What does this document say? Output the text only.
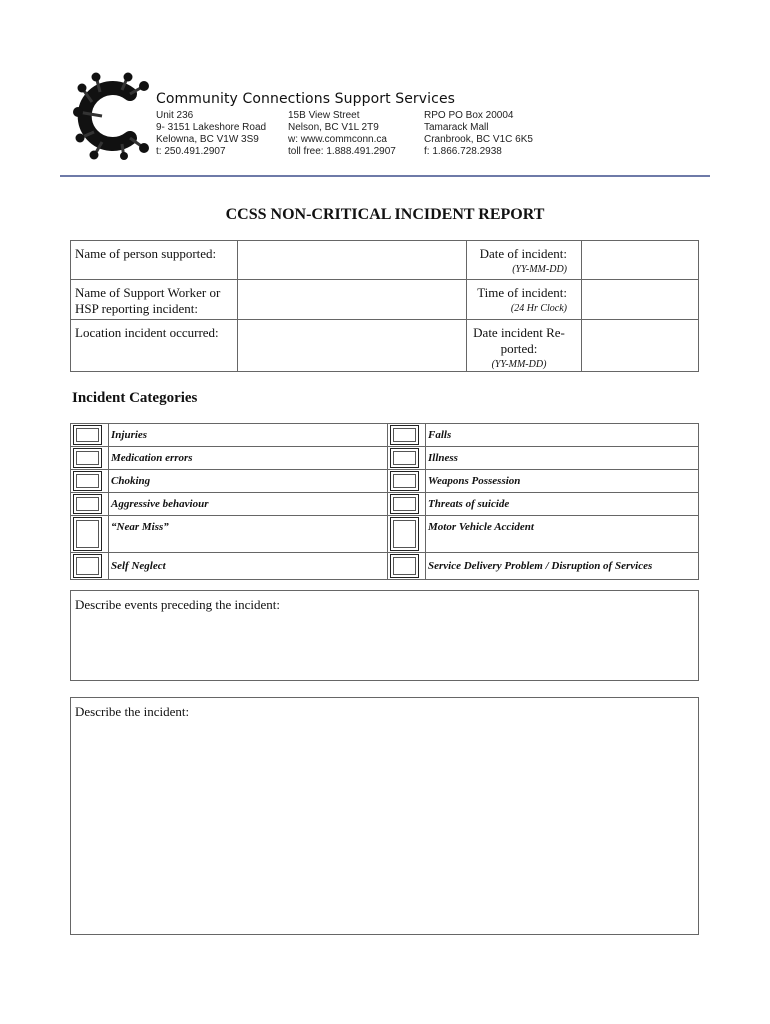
Community Connections Support Services
Unit 236
9- 3151 Lakeshore Road
Kelowna, BC V1W 3S9
t: 250.491.2907
15B View Street
Nelson, BC V1L 2T9
w: www.commconn.ca
toll free: 1.888.491.2907
RPO PO Box 20004
Tamarack Mall
Cranbrook, BC V1C 6K5
f: 1.866.728.2938
CCSS NON-CRITICAL INCIDENT REPORT
Name of person supported:		Date of incident:
(YY-MM-DD)	

Name of Support Worker or
HSP reporting incident:		Time of incident:
(24 Hr Clock)	

Location incident occurred:		Date incident Re-
ported:
(YY-MM-DD)	

Incident Categories

	Injuries		Falls

	Medication errors		Illness

	Choking		Weapons Possession

	Aggressive behaviour		Threats of suicide

	“Near Miss”		Motor Vehicle Accident

	Self Neglect		Service Delivery Problem / Disruption of Services
Describe events preceding the incident:
Describe the incident:
